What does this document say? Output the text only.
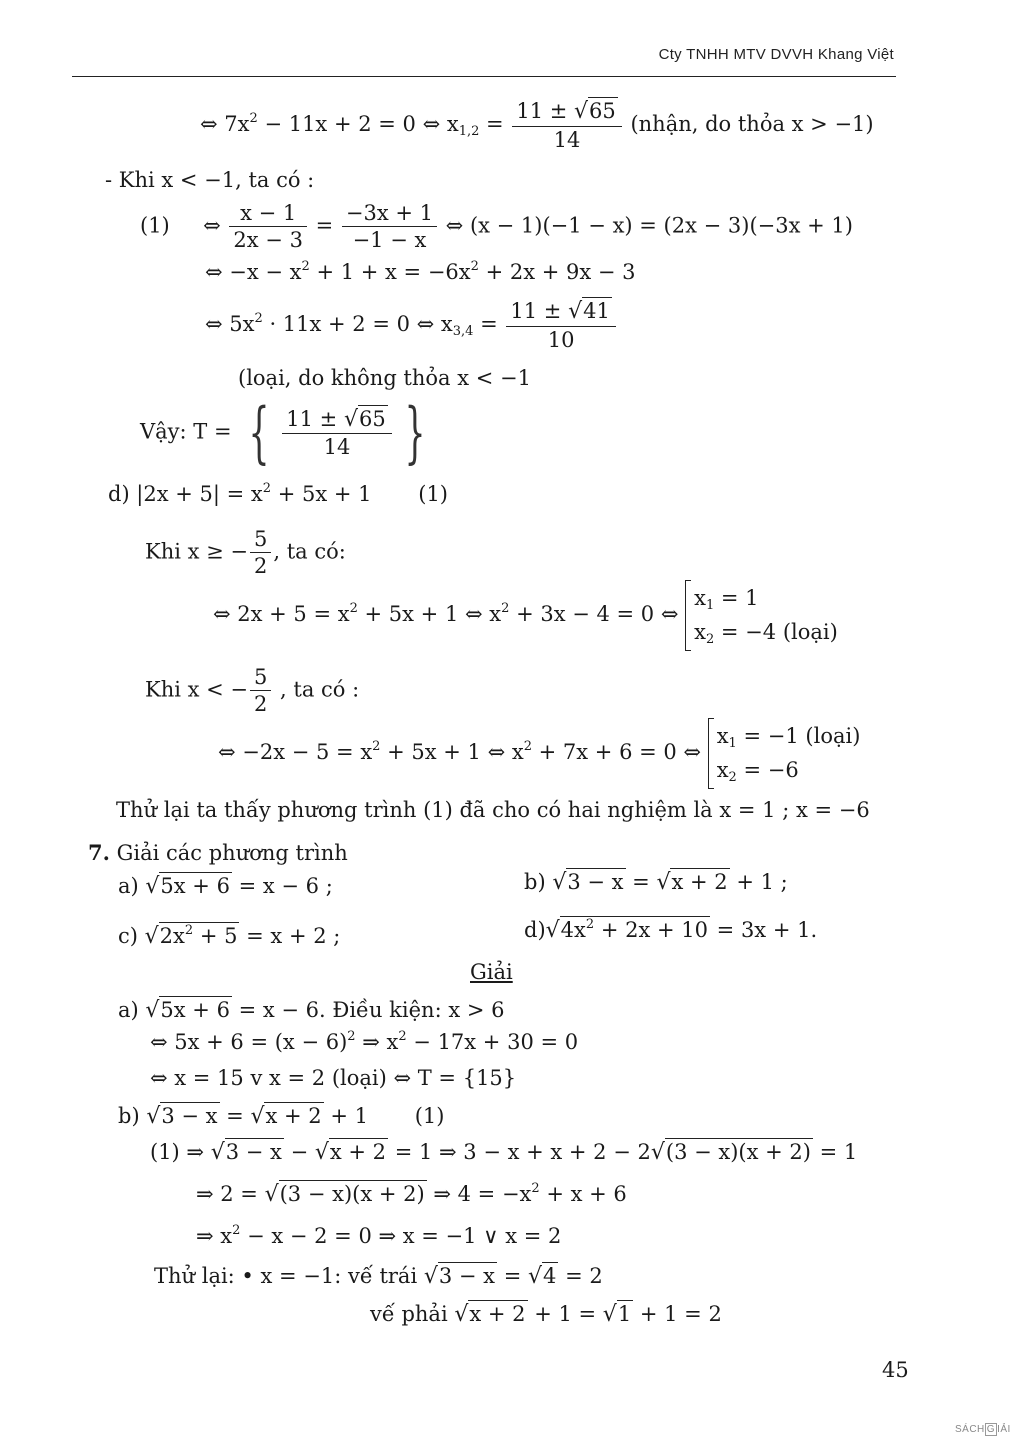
Cty TNHH MTV DVVH Khang Việt
⇔ $7x^2 - 11x + 2 = 0$ ⇔ $x_{1,2} = \frac{11 \pm √65}{14}$ (nhận, do thỏa x > −1)
- Khi x < −1, ta có :
(1) ⇔ $\frac{x - 1}{2x - 3} = \frac{-3x + 1}{-1 - x}$ ⇔ (x − 1)(−1 − x) = (2x − 3)(−3x + 1)
⇔ $-x - x^2 + 1 + x = -6x^2 + 2x + 9x - 3$
⇔ $5x^2 \cdot 11x + 2 = 0$ ⇔ $x_{3,4} = \frac{11 \pm √41}{10}$
(loại, do không thỏa x < −1
Vậy: T = { $\frac{11 \pm √65}{14}$ }
d) $|2x + 5| = x^2 + 5x + 1$ (1)
Khi x ≥ − $\frac{5}{2}$ , ta có:
⇔ $2x + 5 = x^2 + 5x + 1$ ⇔ $x^2 + 3x - 4 = 0$ ⇔
$x_1 = 1$
$x_2 = -4$ (loại)
Khi x < − $\frac{5}{2}$ , ta có :
⇔ $-2x - 5 = x^2 + 5x + 1$ ⇔ $x^2 + 7x + 6 = 0$ ⇔
$x_1 = -1$ (loại)
$x_2 = -6$
Thử lại ta thấy phương trình (1) đã cho có hai nghiệm là x = 1 ; x = −6
7. Giải các phương trình
a) √5x + 6 = x − 6 ;	b) √3 − x = √x + 2 + 1 ;
c) $√2x^2 + 5 = x + 2$ ;	$d)√4x^2 + 2x + 10 = 3x + 1$.
Giải
a) √5x + 6 = x − 6. Điều kiện: x > 6
⇔ $5x + 6 = (x - 6)^2$ ⇒ $x^2 - 17x + 30 = 0$
⇔ x = 15 v x = 2 (loại) ⇔ T = {15}
b) √3 − x = √x + 2 + 1 (1)
(1) ⇒ √3 − x − √x + 2 = 1 ⇒ 3 − x + x + 2 − 2√(3 − x)(x + 2) = 1
⇒ 2 = √(3 − x)(x + 2) ⇒ $4 = -x^2 + x + 6$
⇒ $x^2 - x - 2 = 0$ ⇒ x = −1 ∨ x = 2
Thử lại: • x = −1: vế trái √3 − x = √4 = 2
vế phải √x + 2 + 1 = √1 + 1 = 2
45
SÁCH G IẢI
